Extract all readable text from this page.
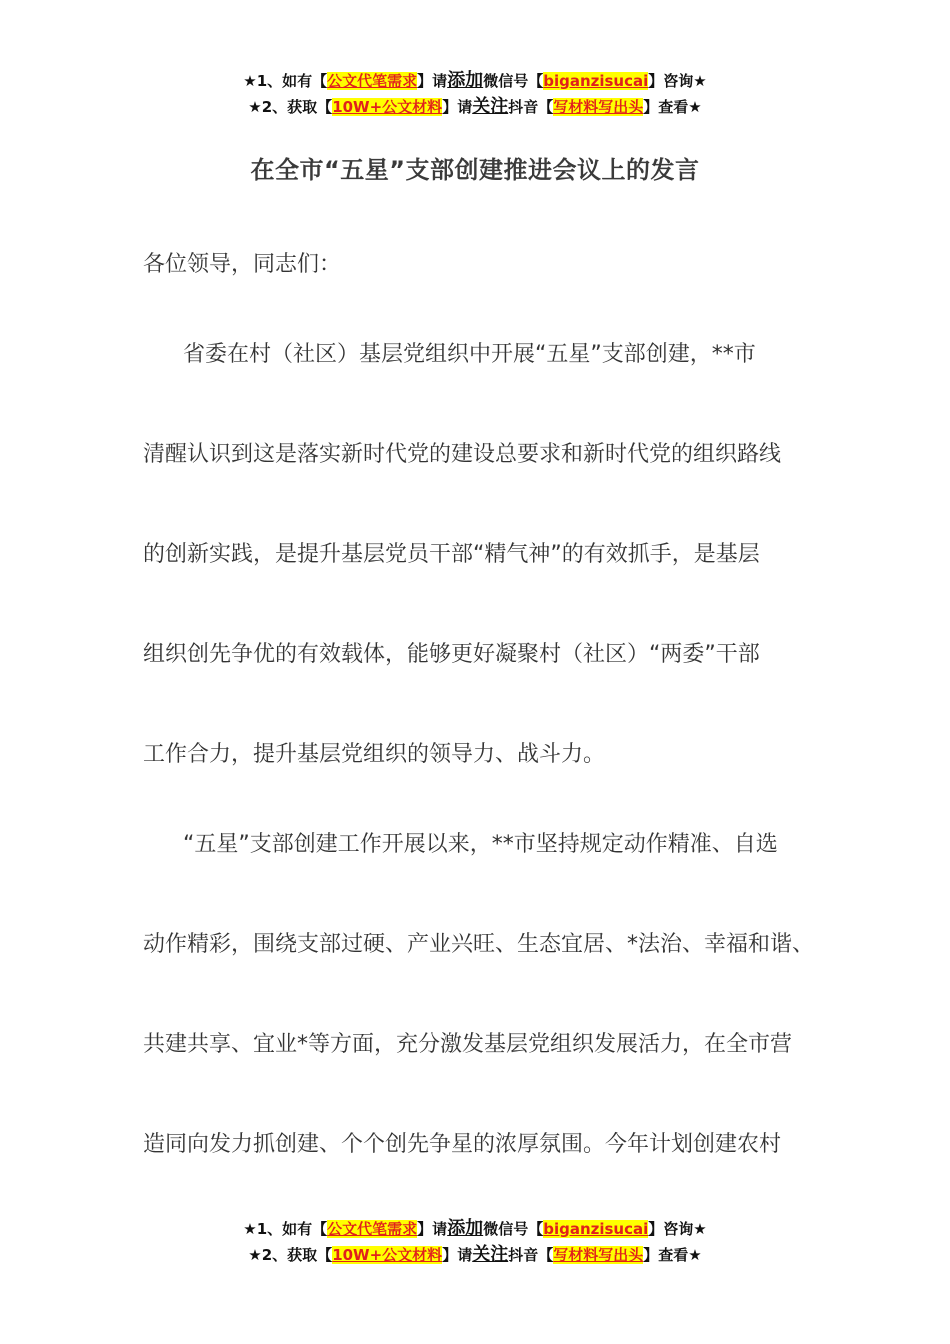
★1、如有【公文代笔需求】请添加微信号【biganzisucai】咨询★
★2、获取【10W+公文材料】请关注抖音【写材料写出头】查看★
在全市“五星”支部创建推进会议上的发言
各位领导，同志们：
省委在村（社区）基层党组织中开展“五星”支部创建，**市
清醒认识到这是落实新时代党的建设总要求和新时代党的组织路线
的创新实践，是提升基层党员干部“精气神”的有效抓手，是基层
组织创先争优的有效载体，能够更好凝聚村（社区）“两委”干部
工作合力，提升基层党组织的领导力、战斗力。
“五星”支部创建工作开展以来，**市坚持规定动作精准、自选
动作精彩，围绕支部过硬、产业兴旺、生态宜居、*法治、幸福和谐、
共建共享、宜业*等方面，充分激发基层党组织发展活力，在全市营
造同向发力抓创建、个个创先争星的浓厚氛围。今年计划创建农村
★1、如有【公文代笔需求】请添加微信号【biganzisucai】咨询★
★2、获取【10W+公文材料】请关注抖音【写材料写出头】查看★
